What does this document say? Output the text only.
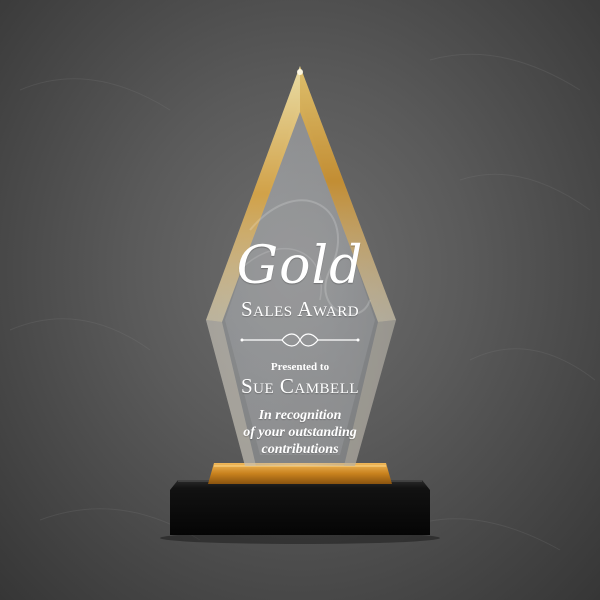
Gold
Sales Award
Presented to
Sue Cambell
In recognition
of your outstanding
contributions
